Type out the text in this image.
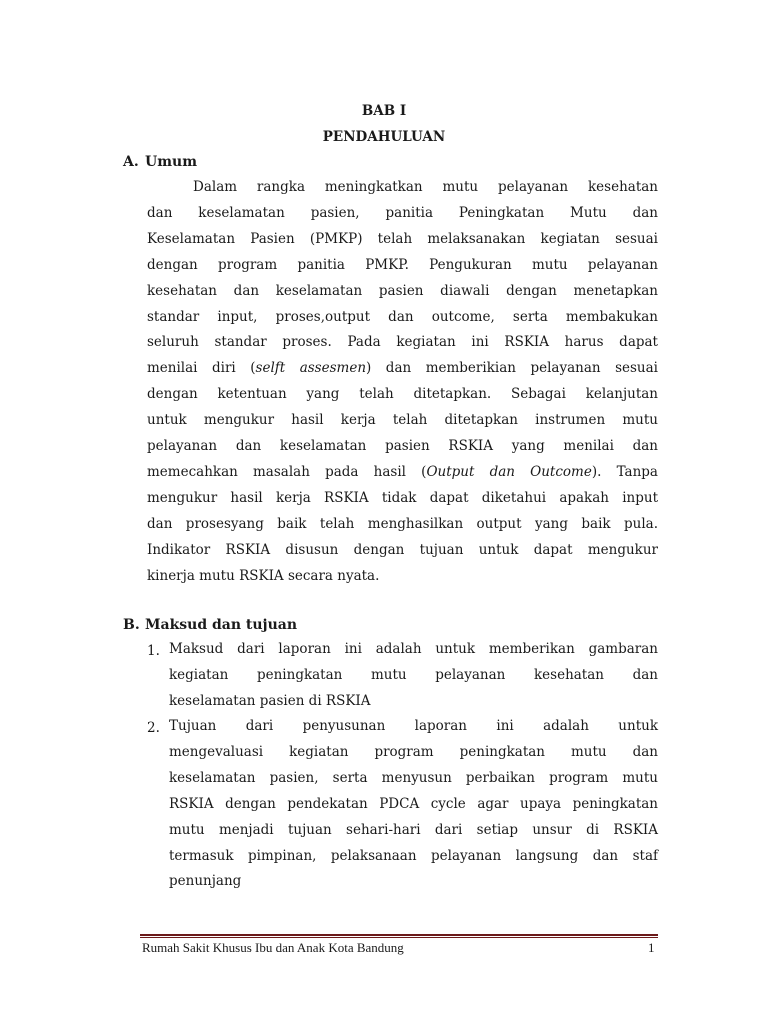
BAB I
PENDAHULUAN
A. Umum
Dalam rangka meningkatkan mutu pelayanan kesehatan
dan keselamatan pasien, panitia Peningkatan Mutu dan
Keselamatan Pasien (PMKP) telah melaksanakan kegiatan sesuai
dengan program panitia PMKP. Pengukuran mutu pelayanan
kesehatan dan keselamatan pasien diawali dengan menetapkan
standar input, proses,output dan outcome, serta membakukan
seluruh standar proses. Pada kegiatan ini RSKIA harus dapat
menilai diri (selft assesmen) dan memberikian pelayanan sesuai
dengan ketentuan yang telah ditetapkan. Sebagai kelanjutan
untuk mengukur hasil kerja telah ditetapkan instrumen mutu
pelayanan dan keselamatan pasien RSKIA yang menilai dan
memecahkan masalah pada hasil (Output dan Outcome). Tanpa
mengukur hasil kerja RSKIA tidak dapat diketahui apakah input
dan prosesyang baik telah menghasilkan output yang baik pula.
Indikator RSKIA disusun dengan tujuan untuk dapat mengukur
kinerja mutu RSKIA secara nyata.
B. Maksud dan tujuan
1. Maksud dari laporan ini adalah untuk memberikan gambaran
kegiatan peningkatan mutu pelayanan kesehatan dan
keselamatan pasien di RSKIA
2. Tujuan dari penyusunan laporan ini adalah untuk
mengevaluasi kegiatan program peningkatan mutu dan
keselamatan pasien, serta menyusun perbaikan program mutu
RSKIA dengan pendekatan PDCA cycle agar upaya peningkatan
mutu menjadi tujuan sehari-hari dari setiap unsur di RSKIA
termasuk pimpinan, pelaksanaan pelayanan langsung dan staf
penunjang
Rumah Sakit Khusus Ibu dan Anak Kota Bandung	1
